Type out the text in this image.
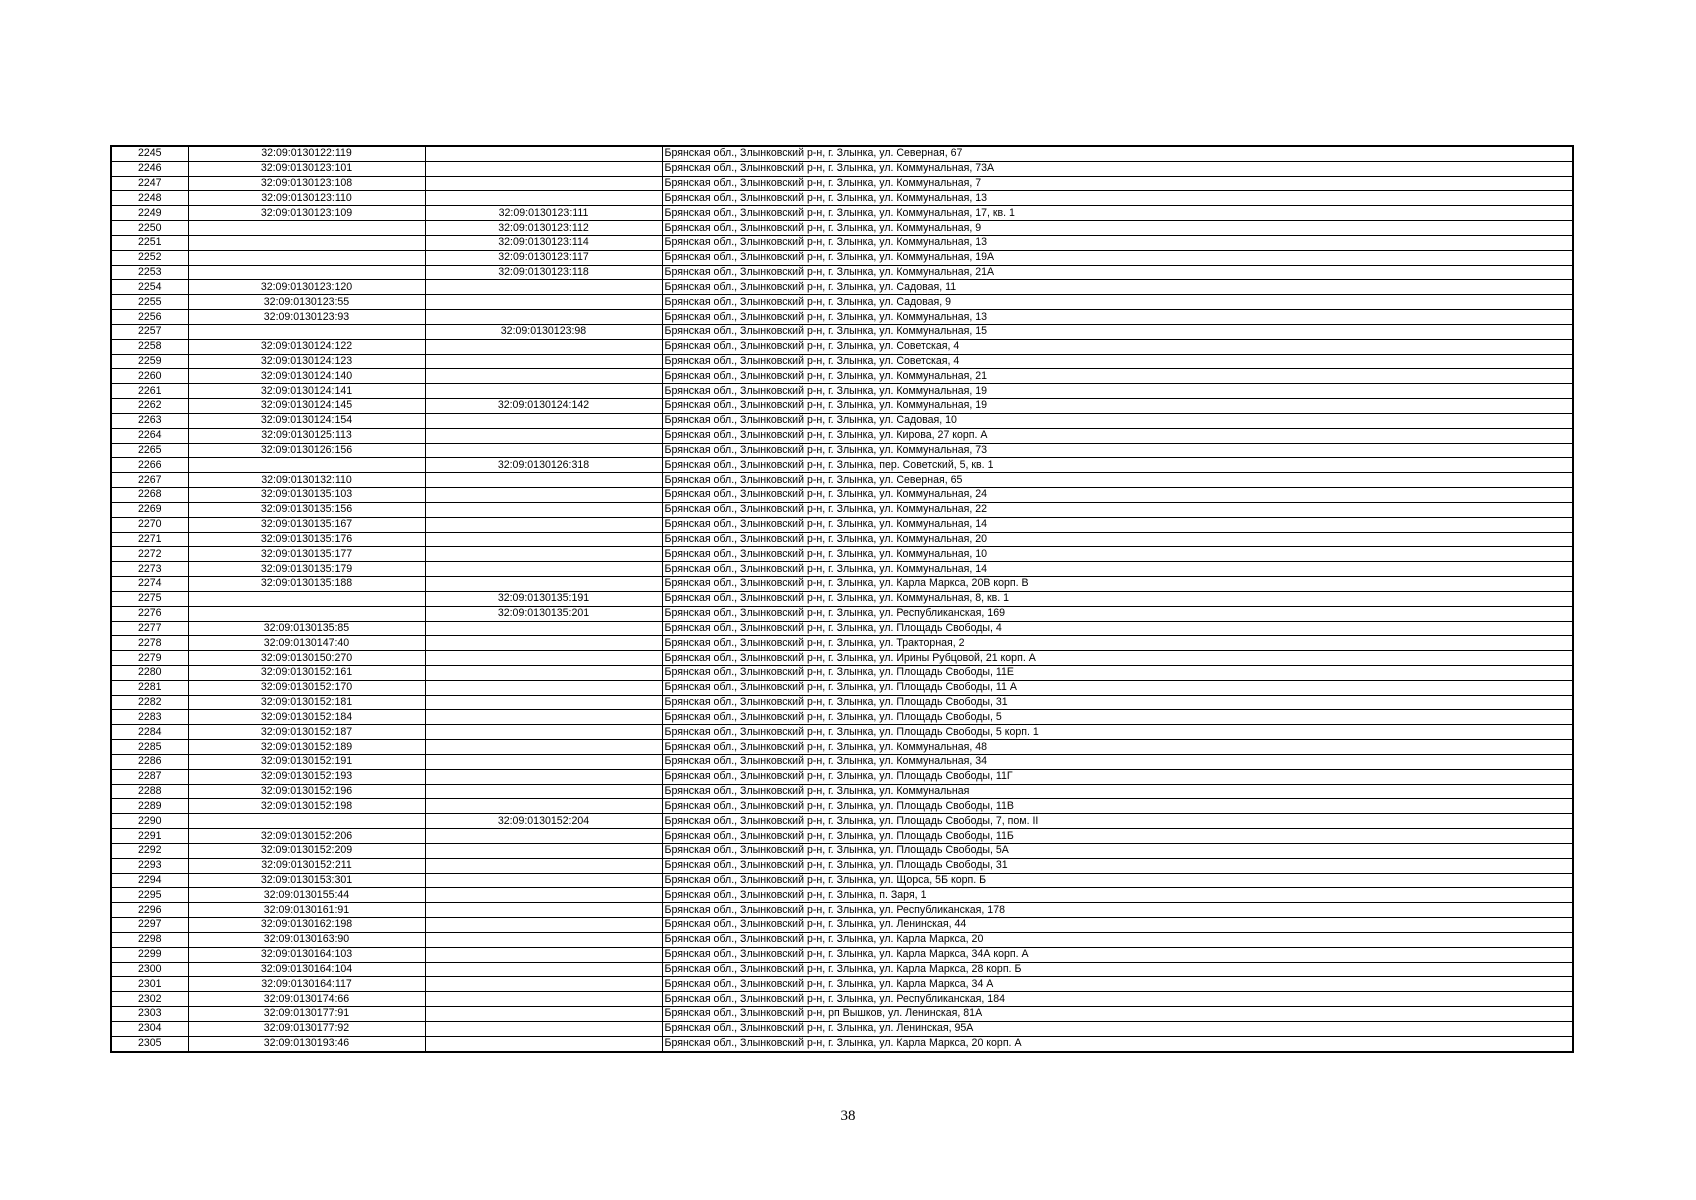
2245	32:09:0130122:119		Брянская обл., Злынковский р-н, г. Злынка, ул. Северная, 67
2246	32:09:0130123:101		Брянская обл., Злынковский р-н, г. Злынка, ул. Коммунальная, 73А
2247	32:09:0130123:108		Брянская обл., Злынковский р-н, г. Злынка, ул. Коммунальная, 7
2248	32:09:0130123:110		Брянская обл., Злынковский р-н, г. Злынка, ул. Коммунальная, 13
2249	32:09:0130123:109	32:09:0130123:111	Брянская обл., Злынковский р-н, г. Злынка, ул. Коммунальная, 17, кв. 1
2250		32:09:0130123:112	Брянская обл., Злынковский р-н, г. Злынка, ул. Коммунальная, 9
2251		32:09:0130123:114	Брянская обл., Злынковский р-н, г. Злынка, ул. Коммунальная, 13
2252		32:09:0130123:117	Брянская обл., Злынковский р-н, г. Злынка, ул. Коммунальная, 19А
2253		32:09:0130123:118	Брянская обл., Злынковский р-н, г. Злынка, ул. Коммунальная, 21А
2254	32:09:0130123:120		Брянская обл., Злынковский р-н, г. Злынка, ул. Садовая, 11
2255	32:09:0130123:55		Брянская обл., Злынковский р-н, г. Злынка, ул. Садовая, 9
2256	32:09:0130123:93		Брянская обл., Злынковский р-н, г. Злынка, ул. Коммунальная, 13
2257		32:09:0130123:98	Брянская обл., Злынковский р-н, г. Злынка, ул. Коммунальная, 15
2258	32:09:0130124:122		Брянская обл., Злынковский р-н, г. Злынка, ул. Советская, 4
2259	32:09:0130124:123		Брянская обл., Злынковский р-н, г. Злынка, ул. Советская, 4
2260	32:09:0130124:140		Брянская обл., Злынковский р-н, г. Злынка, ул. Коммунальная, 21
2261	32:09:0130124:141		Брянская обл., Злынковский р-н, г. Злынка, ул. Коммунальная, 19
2262	32:09:0130124:145	32:09:0130124:142	Брянская обл., Злынковский р-н, г. Злынка, ул. Коммунальная, 19
2263	32:09:0130124:154		Брянская обл., Злынковский р-н, г. Злынка, ул. Садовая, 10
2264	32:09:0130125:113		Брянская обл., Злынковский р-н, г. Злынка, ул. Кирова, 27 корп. А
2265	32:09:0130126:156		Брянская обл., Злынковский р-н, г. Злынка, ул. Коммунальная, 73
2266		32:09:0130126:318	Брянская обл., Злынковский р-н, г. Злынка, пер. Советский, 5, кв. 1
2267	32:09:0130132:110		Брянская обл., Злынковский р-н, г. Злынка, ул. Северная, 65
2268	32:09:0130135:103		Брянская обл., Злынковский р-н, г. Злынка, ул. Коммунальная, 24
2269	32:09:0130135:156		Брянская обл., Злынковский р-н, г. Злынка, ул. Коммунальная, 22
2270	32:09:0130135:167		Брянская обл., Злынковский р-н, г. Злынка, ул. Коммунальная, 14
2271	32:09:0130135:176		Брянская обл., Злынковский р-н, г. Злынка, ул. Коммунальная, 20
2272	32:09:0130135:177		Брянская обл., Злынковский р-н, г. Злынка, ул. Коммунальная, 10
2273	32:09:0130135:179		Брянская обл., Злынковский р-н, г. Злынка, ул. Коммунальная, 14
2274	32:09:0130135:188		Брянская обл., Злынковский р-н, г. Злынка, ул. Карла Маркса, 20В корп. В
2275		32:09:0130135:191	Брянская обл., Злынковский р-н, г. Злынка, ул. Коммунальная, 8, кв. 1
2276		32:09:0130135:201	Брянская обл., Злынковский р-н, г. Злынка, ул. Республиканская, 169
2277	32:09:0130135:85		Брянская обл., Злынковский р-н, г. Злынка, ул. Площадь Свободы, 4
2278	32:09:0130147:40		Брянская обл., Злынковский р-н, г. Злынка, ул. Тракторная, 2
2279	32:09:0130150:270		Брянская обл., Злынковский р-н, г. Злынка, ул. Ирины Рубцовой, 21 корп. А
2280	32:09:0130152:161		Брянская обл., Злынковский р-н, г. Злынка, ул. Площадь Свободы, 11Е
2281	32:09:0130152:170		Брянская обл., Злынковский р-н, г. Злынка, ул. Площадь Свободы, 11 А
2282	32:09:0130152:181		Брянская обл., Злынковский р-н, г. Злынка, ул. Площадь Свободы, 31
2283	32:09:0130152:184		Брянская обл., Злынковский р-н, г. Злынка, ул. Площадь Свободы, 5
2284	32:09:0130152:187		Брянская обл., Злынковский р-н, г. Злынка, ул. Площадь Свободы, 5 корп. 1
2285	32:09:0130152:189		Брянская обл., Злынковский р-н, г. Злынка, ул. Коммунальная, 48
2286	32:09:0130152:191		Брянская обл., Злынковский р-н, г. Злынка, ул. Коммунальная, 34
2287	32:09:0130152:193		Брянская обл., Злынковский р-н, г. Злынка, ул. Площадь Свободы, 11Г
2288	32:09:0130152:196		Брянская обл., Злынковский р-н, г. Злынка, ул. Коммунальная
2289	32:09:0130152:198		Брянская обл., Злынковский р-н, г. Злынка, ул. Площадь Свободы, 11В
2290		32:09:0130152:204	Брянская обл., Злынковский р-н, г. Злынка, ул. Площадь Свободы, 7, пом. II
2291	32:09:0130152:206		Брянская обл., Злынковский р-н, г. Злынка, ул. Площадь Свободы, 11Б
2292	32:09:0130152:209		Брянская обл., Злынковский р-н, г. Злынка, ул. Площадь Свободы, 5А
2293	32:09:0130152:211		Брянская обл., Злынковский р-н, г. Злынка, ул. Площадь Свободы, 31
2294	32:09:0130153:301		Брянская обл., Злынковский р-н, г. Злынка, ул. Щорса, 5Б корп. Б
2295	32:09:0130155:44		Брянская обл., Злынковский р-н, г. Злынка, п. Заря, 1
2296	32:09:0130161:91		Брянская обл., Злынковский р-н, г. Злынка, ул. Республиканская, 178
2297	32:09:0130162:198		Брянская обл., Злынковский р-н, г. Злынка, ул. Ленинская, 44
2298	32:09:0130163:90		Брянская обл., Злынковский р-н, г. Злынка, ул. Карла Маркса, 20
2299	32:09:0130164:103		Брянская обл., Злынковский р-н, г. Злынка, ул. Карла Маркса, 34А корп. А
2300	32:09:0130164:104		Брянская обл., Злынковский р-н, г. Злынка, ул. Карла Маркса, 28 корп. Б
2301	32:09:0130164:117		Брянская обл., Злынковский р-н, г. Злынка, ул. Карла Маркса, 34 А
2302	32:09:0130174:66		Брянская обл., Злынковский р-н, г. Злынка, ул. Республиканская, 184
2303	32:09:0130177:91		Брянская обл., Злынковский р-н, рп Вышков, ул. Ленинская, 81А
2304	32:09:0130177:92		Брянская обл., Злынковский р-н, г. Злынка, ул. Ленинская, 95А
2305	32:09:0130193:46		Брянская обл., Злынковский р-н, г. Злынка, ул. Карла Маркса, 20 корп. А
38
